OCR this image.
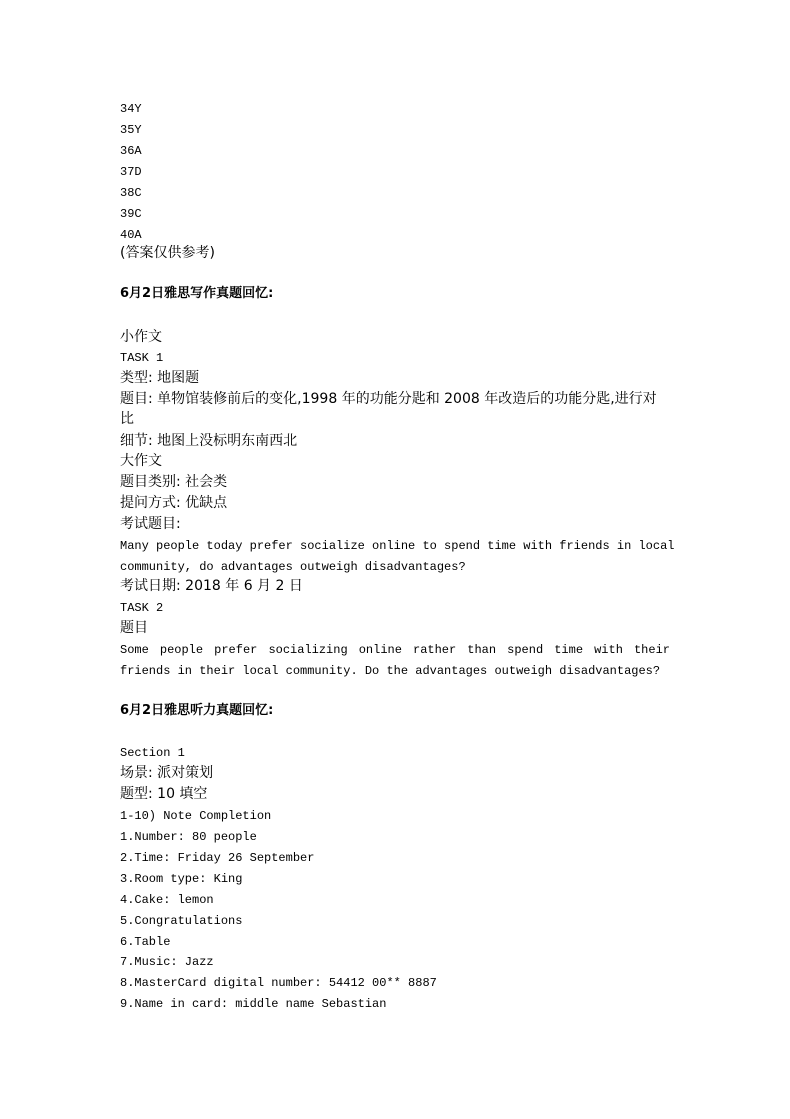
34Y
35Y
36A
37D
38C
39C
40A
(答案仅供参考)
6月2日雅思写作真题回忆:
小作文
TASK 1
类型: 地图题
题目: 单物馆装修前后的变化,1998 年的功能分匙和 2008 年改造后的功能分匙,进行对
比
细节: 地图上没标明东南西北
大作文
题目类别: 社会类
提问方式: 优缺点
考试题目:
Many people today prefer socialize online to spend time with friends in local
community, do advantages outweigh disadvantages?
考试日期: 2018 年 6 月 2 日
TASK 2
题目
Some people prefer socializing online rather than spend time with their
friends in their local community. Do the advantages outweigh disadvantages?
6月2日雅思听力真题回忆:
Section 1
场景: 派对策划
题型: 10 填空
1-10) Note Completion
1.Number: 80 people
2.Time: Friday 26 September
3.Room type: King
4.Cake: lemon
5.Congratulations
6.Table
7.Music: Jazz
8.MasterCard digital number: 54412 00** 8887
9.Name in card: middle name Sebastian
